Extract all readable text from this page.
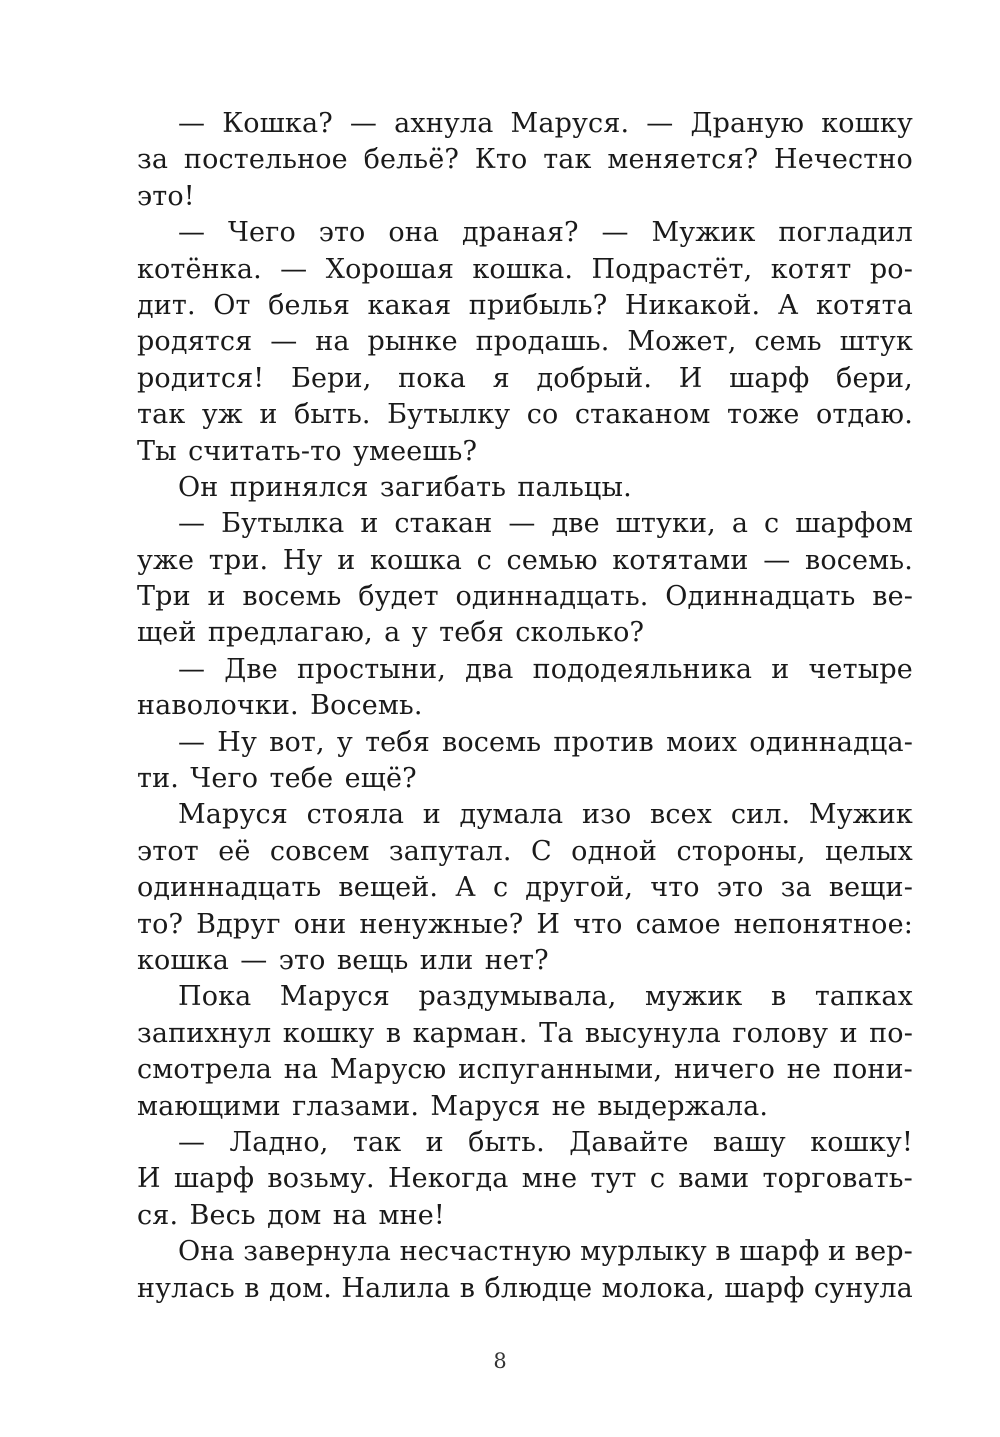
— Кошка? — ахнула Маруся. — Драную кошку
за постельное бельё? Кто так меняется? Нечестно
это!
— Чего это она драная? — Мужик погладил
котёнка. — Хорошая кошка. Подрастёт, котят ро-
дит. От белья какая прибыль? Никакой. А котята
родятся — на рынке продашь. Может, семь штук
родится! Бери, пока я добрый. И шарф бери,
так уж и быть. Бутылку со стаканом тоже отдаю.
Ты считать-то умеешь?
Он принялся загибать пальцы.
— Бутылка и стакан — две штуки, а с шарфом
уже три. Ну и кошка с семью котятами — восемь.
Три и восемь будет одиннадцать. Одиннадцать ве-
щей предлагаю, а у тебя сколько?
— Две простыни, два пододеяльника и четыре
наволочки. Восемь.
— Ну вот, у тебя восемь против моих одиннадца-
ти. Чего тебе ещё?
Маруся стояла и думала изо всех сил. Мужик
этот её совсем запутал. С одной стороны, целых
одиннадцать вещей. А с другой, что это за вещи-
то? Вдруг они ненужные? И что самое непонятное:
кошка — это вещь или нет?
Пока Маруся раздумывала, мужик в тапках
запихнул кошку в карман. Та высунула голову и по-
смотрела на Марусю испуганными, ничего не пони-
мающими глазами. Маруся не выдержала.
— Ладно, так и быть. Давайте вашу кошку!
И шарф возьму. Некогда мне тут с вами торговать-
ся. Весь дом на мне!
Она завернула несчастную мурлыку в шарф и вер-
нулась в дом. Налила в блюдце молока, шарф сунула
8
